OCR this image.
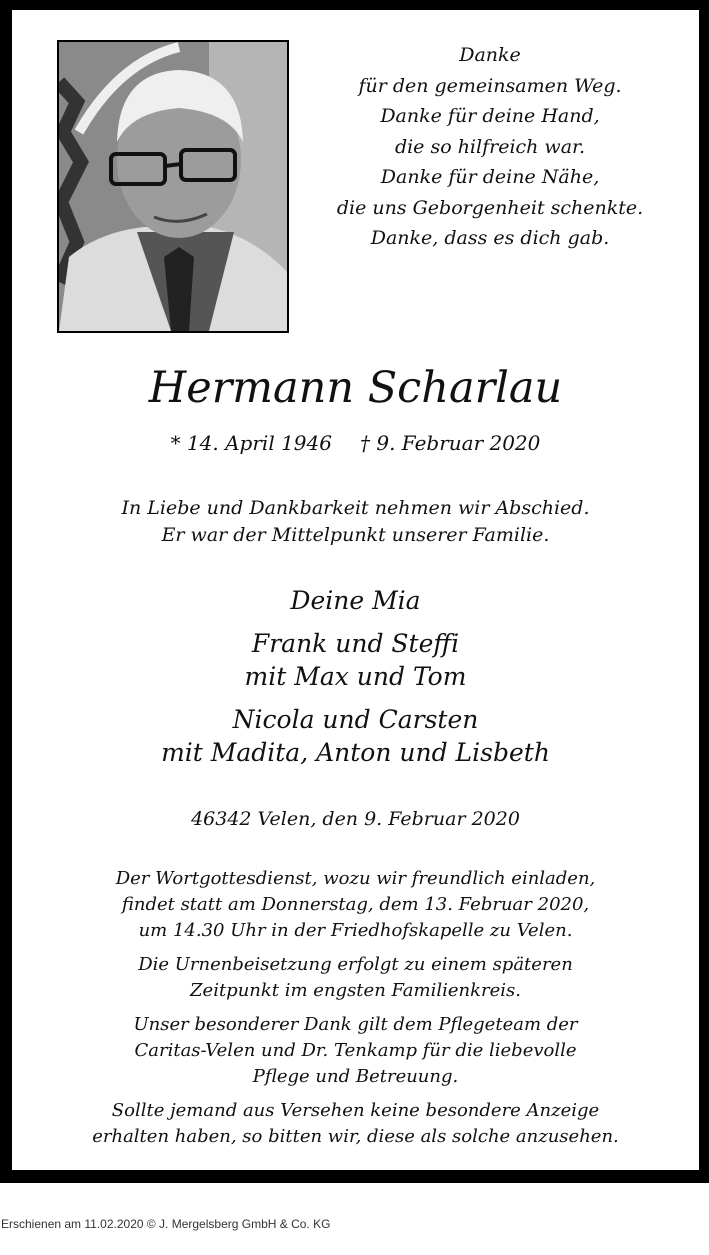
Danke
für den gemeinsamen Weg.
Danke für deine Hand,
die so hilfreich war.
Danke für deine Nähe,
die uns Geborgenheit schenkte.
Danke, dass es dich gab.
Hermann Scharlau
* 14. April 1946 † 9. Februar 2020
In Liebe und Dankbarkeit nehmen wir Abschied.
Er war der Mittelpunkt unserer Familie.
Deine Mia
Frank und Steffi
mit Max und Tom
Nicola und Carsten
mit Madita, Anton und Lisbeth
46342 Velen, den 9. Februar 2020
Der Wortgottesdienst, wozu wir freundlich einladen,
findet statt am Donnerstag, dem 13. Februar 2020,
um 14.30 Uhr in der Friedhofskapelle zu Velen.
Die Urnenbeisetzung erfolgt zu einem späteren
Zeitpunkt im engsten Familienkreis.
Unser besonderer Dank gilt dem Pflegeteam der
Caritas-Velen und Dr. Tenkamp für die liebevolle
Pflege und Betreuung.
Sollte jemand aus Versehen keine besondere Anzeige
erhalten haben, so bitten wir, diese als solche anzusehen.
Erschienen am 11.02.2020 © J. Mergelsberg GmbH & Co. KG
